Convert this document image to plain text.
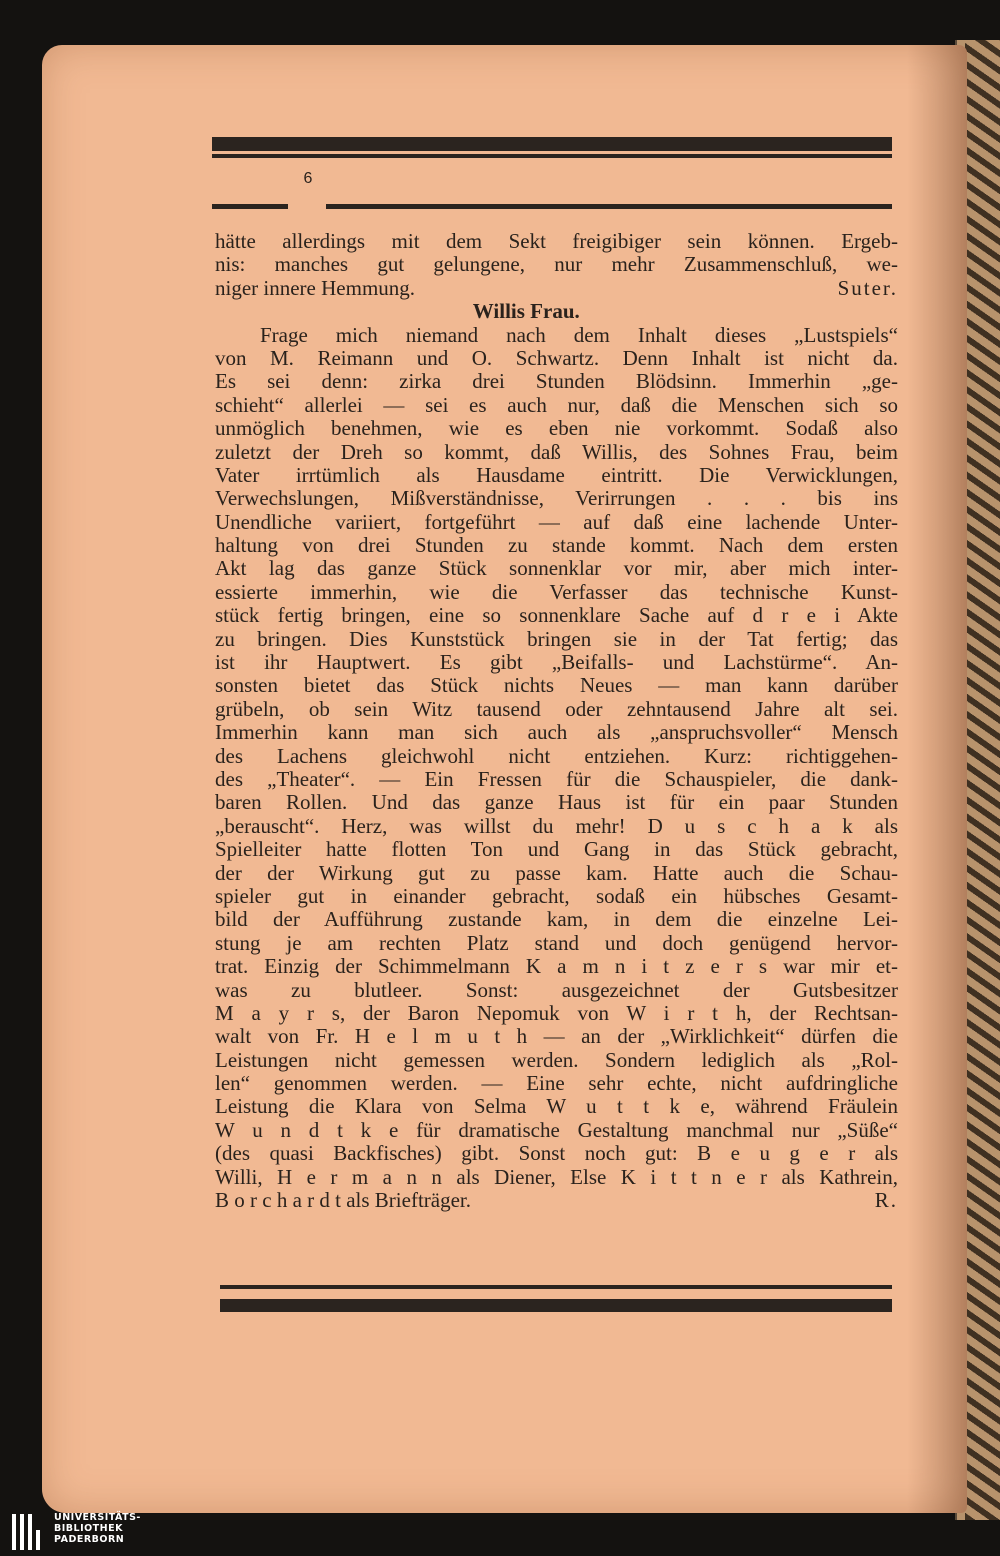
6
hätte allerdings mit dem Sekt freigibiger sein können. Ergeb-
nis: manches gut gelungene, nur mehr Zusammenschluß, we-
niger innere Hemmung.	Suter.
Willis Frau.
Frage mich niemand nach dem Inhalt dieses „Lustspiels“
von M. Reimann und O. Schwartz. Denn Inhalt ist nicht da.
Es sei denn: zirka drei Stunden Blödsinn. Immerhin „ge-
schieht“ allerlei — sei es auch nur, daß die Menschen sich so
unmöglich benehmen, wie es eben nie vorkommt. Sodaß also
zuletzt der Dreh so kommt, daß Willis, des Sohnes Frau, beim
Vater irrtümlich als Hausdame eintritt. Die Verwicklungen,
Verwechslungen, Mißverständnisse, Verirrungen . . . bis ins
Unendliche variiert, fortgeführt — auf daß eine lachende Unter-
haltung von drei Stunden zu stande kommt. Nach dem ersten
Akt lag das ganze Stück sonnenklar vor mir, aber mich inter-
essierte immerhin, wie die Verfasser das technische Kunst-
stück fertig bringen, eine so sonnenklare Sache auf d r e i Akte
zu bringen. Dies Kunststück bringen sie in der Tat fertig; das
ist ihr Hauptwert. Es gibt „Beifalls- und Lachstürme“. An-
sonsten bietet das Stück nichts Neues — man kann darüber
grübeln, ob sein Witz tausend oder zehntausend Jahre alt sei.
Immerhin kann man sich auch als „anspruchsvoller“ Mensch
des Lachens gleichwohl nicht entziehen. Kurz: richtiggehen-
des „Theater“. — Ein Fressen für die Schauspieler, die dank-
baren Rollen. Und das ganze Haus ist für ein paar Stunden
„berauscht“. Herz, was willst du mehr! D u s c h a k als
Spielleiter hatte flotten Ton und Gang in das Stück gebracht,
der der Wirkung gut zu passe kam. Hatte auch die Schau-
spieler gut in einander gebracht, sodaß ein hübsches Gesamt-
bild der Aufführung zustande kam, in dem die einzelne Lei-
stung je am rechten Platz stand und doch genügend hervor-
trat. Einzig der Schimmelmann K a m n i t z e r s war mir et-
was zu blutleer. Sonst: ausgezeichnet der Gutsbesitzer
M a y r s, der Baron Nepomuk von W i r t h, der Rechtsan-
walt von Fr. H e l m u t h — an der „Wirklichkeit“ dürfen die
Leistungen nicht gemessen werden. Sondern lediglich als „Rol-
len“ genommen werden. — Eine sehr echte, nicht aufdringliche
Leistung die Klara von Selma W u t t k e, während Fräulein
W u n d t k e für dramatische Gestaltung manchmal nur „Süße“
(des quasi Backfisches) gibt. Sonst noch gut: B e u g e r als
Willi, H e r m a n n als Diener, Else K i t t n e r als Kathrein,
B o r c h a r d t als Briefträger.	R.
UNIVERSITÄTS-
BIBLIOTHEK
PADERBORN
